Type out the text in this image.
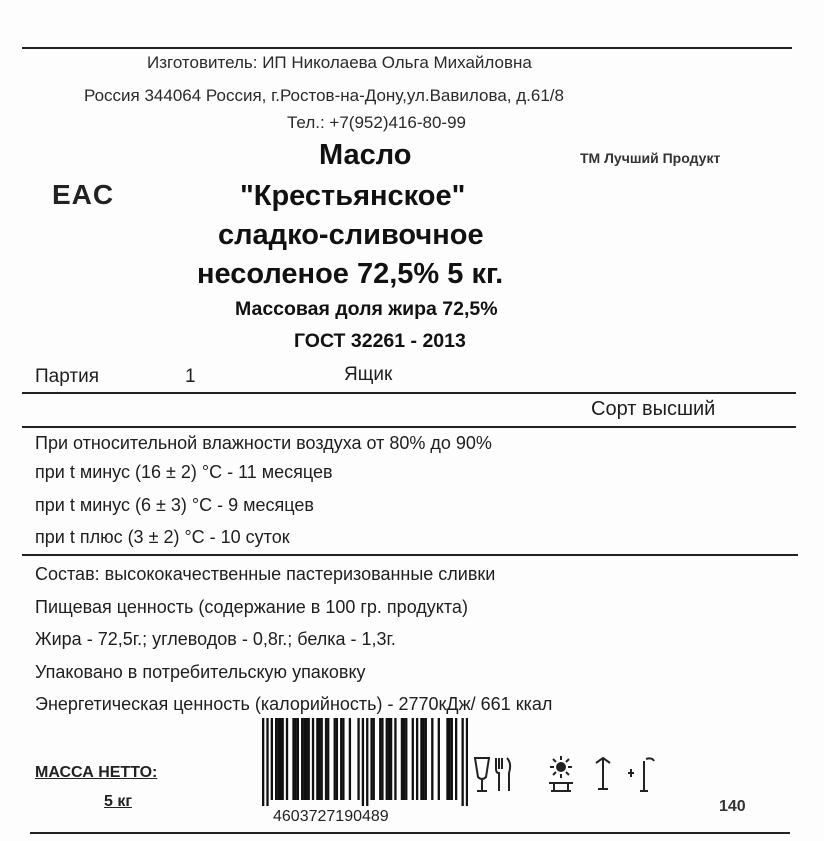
Изготовитель: ИП Николаева Ольга Михайловна
Россия 344064 Россия, г.Ростов-на-Дону,ул.Вавилова, д.61/8
Тел.: +7(952)416-80-99
EAC
ТМ Лучший Продукт
Масло
"Крестьянское"
сладко-сливочное
несоленое 72,5% 5 кг.
Массовая доля жира 72,5%
ГОСТ 32261 - 2013
Партия	1	Ящик
Сорт высший
При относительной влажности воздуха от 80% до 90%
при t минус (16 ± 2) °С - 11 месяцев
при t минус (6 ± 3) °С - 9 месяцев
при t плюс (3 ± 2) °С - 10 суток
Состав: высококачественные пастеризованные сливки
Пищевая ценность (содержание в 100 гр. продукта)
Жира - 72,5г.; углеводов - 0,8г.; белка - 1,3г.
Упаковано в потребительскую упаковку
Энергетическая ценность (калорийность) - 2770кДж/ 661 ккал
МАССА НЕТТО:
5 кг
4603727190489
140
